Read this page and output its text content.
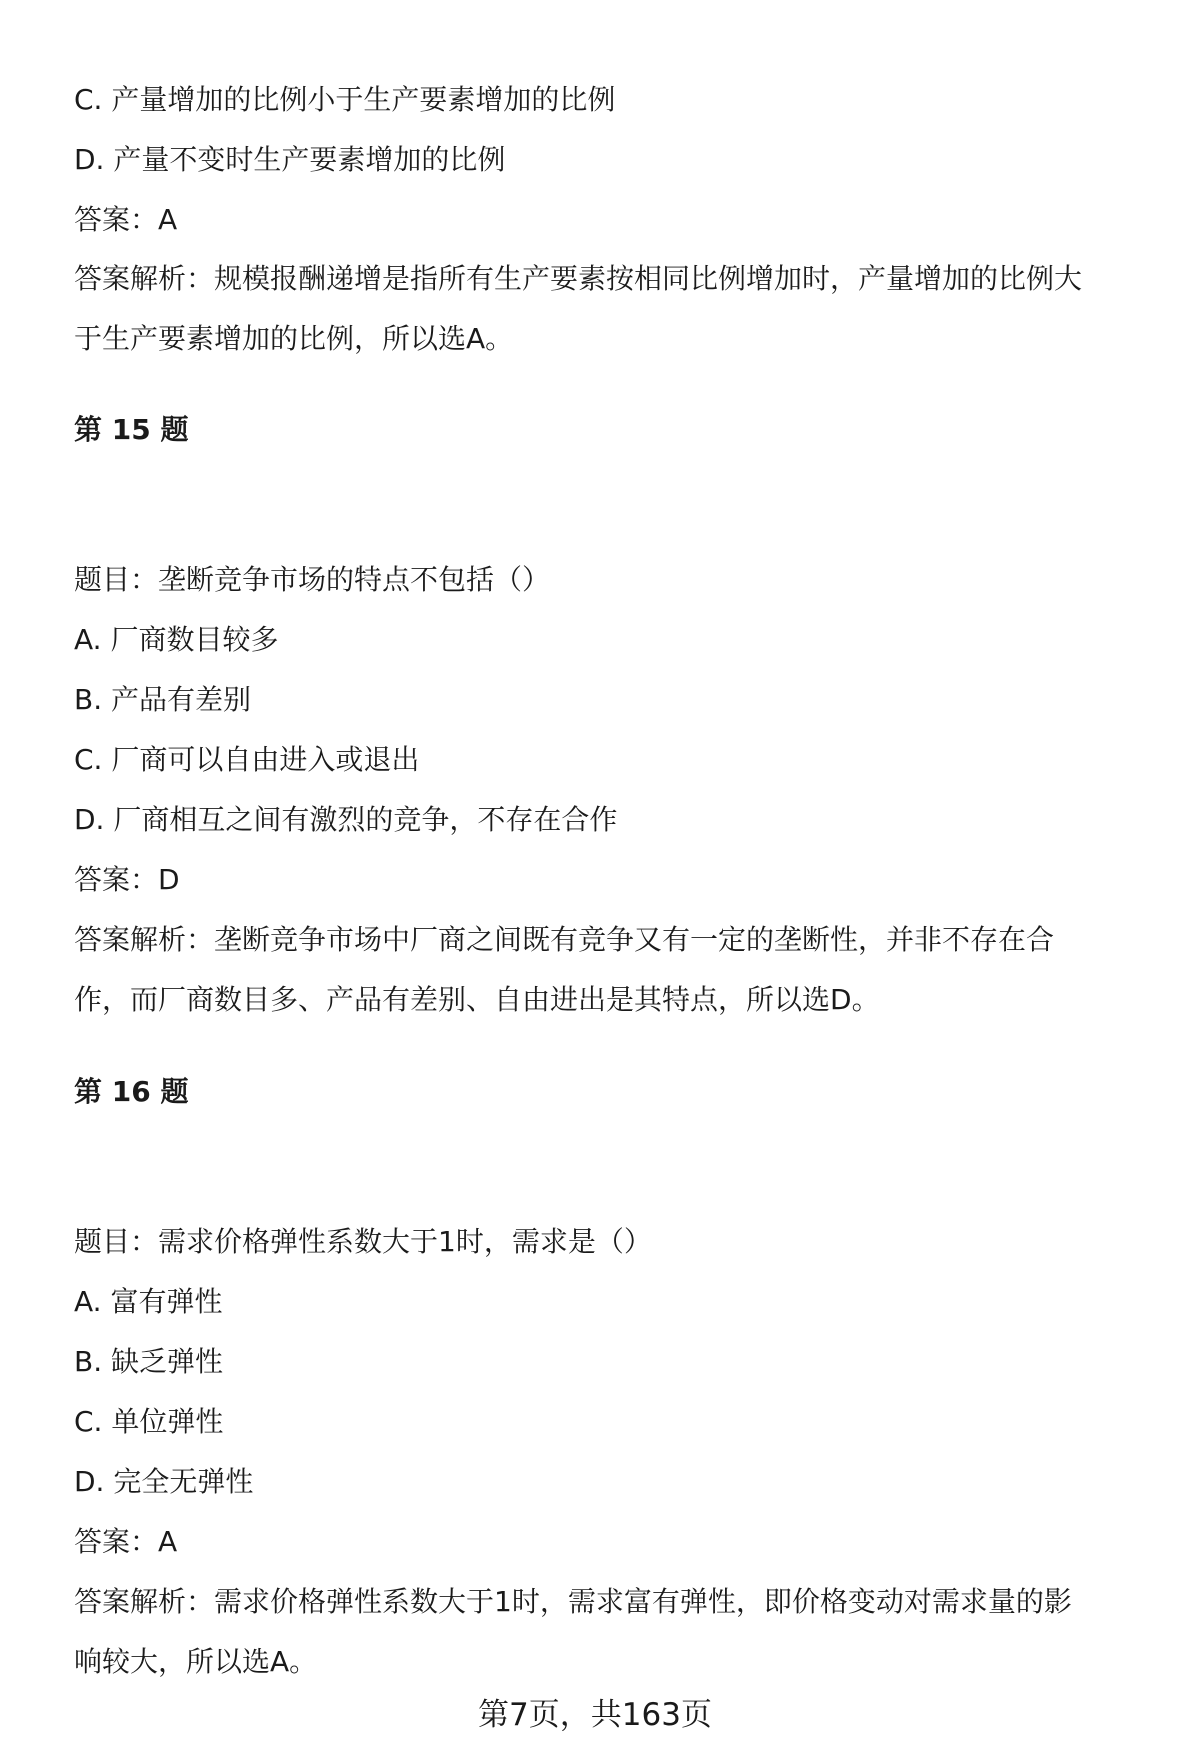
C. 产量增加的比例小于生产要素增加的比例
D. 产量不变时生产要素增加的比例
答案：A
答案解析：规模报酬递增是指所有生产要素按相同比例增加时，产量增加的比例大
于生产要素增加的比例，所以选A。
第 15 题
题目：垄断竞争市场的特点不包括（）
A. 厂商数目较多
B. 产品有差别
C. 厂商可以自由进入或退出
D. 厂商相互之间有激烈的竞争，不存在合作
答案：D
答案解析：垄断竞争市场中厂商之间既有竞争又有一定的垄断性，并非不存在合
作，而厂商数目多、产品有差别、自由进出是其特点，所以选D。
第 16 题
题目：需求价格弹性系数大于1时，需求是（）
A. 富有弹性
B. 缺乏弹性
C. 单位弹性
D. 完全无弹性
答案：A
答案解析：需求价格弹性系数大于1时，需求富有弹性，即价格变动对需求量的影
响较大，所以选A。
第7页，共163页
